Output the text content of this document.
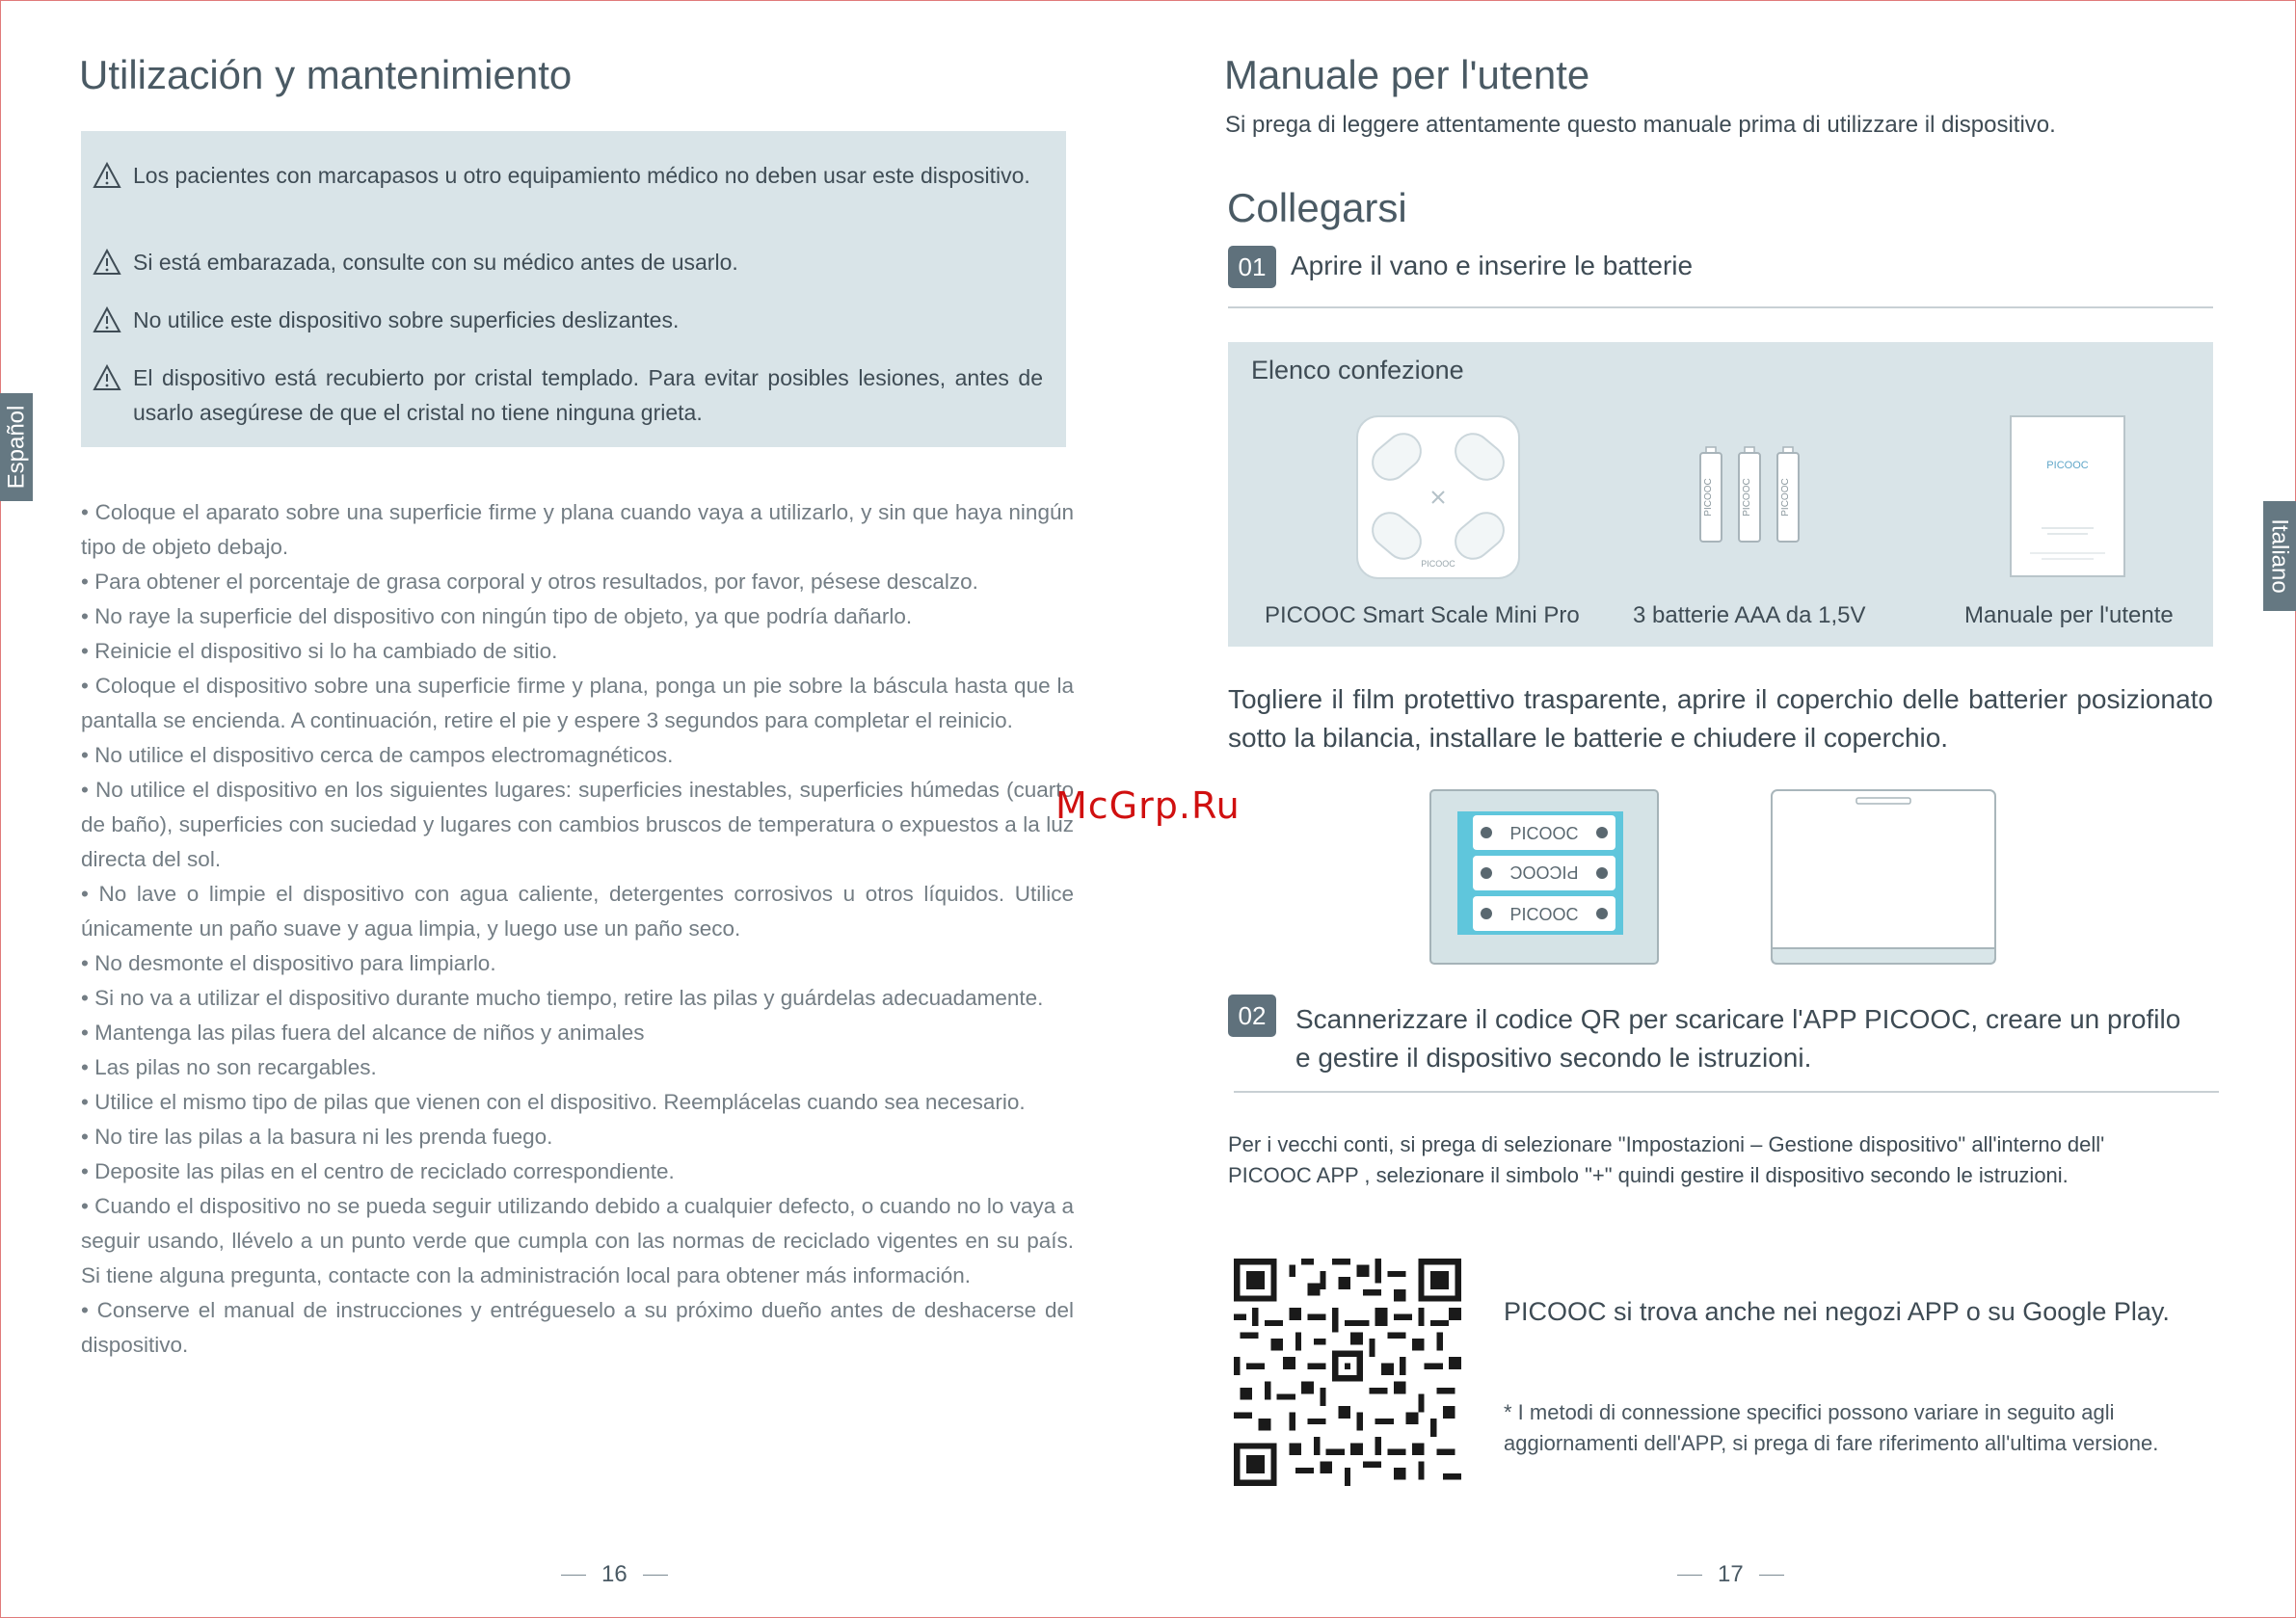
Utilización y mantenimiento
Español
Los pacientes con marcapasos u otro equipamiento médico no deben usar este dispositivo.
Si está embarazada, consulte con su médico antes de usarlo.
No utilice este dispositivo sobre superficies deslizantes.
El dispositivo está recubierto por cristal templado. Para evitar posibles lesiones, antes de usarlo asegúrese de que el cristal no tiene ninguna grieta.
• Coloque el aparato sobre una superficie firme y plana cuando vaya a utilizarlo, y sin que haya ningún tipo de objeto debajo.
• Para obtener el porcentaje de grasa corporal y otros resultados, por favor, pésese descalzo.
• No raye la superficie del dispositivo con ningún tipo de objeto, ya que podría dañarlo.
• Reinicie el dispositivo si lo ha cambiado de sitio.
• Coloque el dispositivo sobre una superficie firme y plana, ponga un pie sobre la báscula hasta que la pantalla se encienda. A continuación, retire el pie y espere 3 segundos para completar el reinicio.
• No utilice el dispositivo cerca de campos electromagnéticos.
• No utilice el dispositivo en los siguientes lugares: superficies inestables, superficies húmedas (cuarto de baño), superficies con suciedad y lugares con cambios bruscos de temperatura o expuestos a la luz directa del sol.
• No lave o limpie el dispositivo con agua caliente, detergentes corrosivos u otros líquidos. Utilice únicamente un paño suave y agua limpia, y luego use un paño seco.
• No desmonte el dispositivo para limpiarlo.
• Si no va a utilizar el dispositivo durante mucho tiempo, retire las pilas y guárdelas adecuadamente.
• Mantenga las pilas fuera del alcance de niños y animales
• Las pilas no son recargables.
• Utilice el mismo tipo de pilas que vienen con el dispositivo. Reemplácelas cuando sea necesario.
• No tire las pilas a la basura ni les prenda fuego.
• Deposite las pilas en el centro de reciclado correspondiente.
• Cuando el dispositivo no se pueda seguir utilizando debido a cualquier defecto, o cuando no lo vaya a seguir usando, llévelo a un punto verde que cumpla con las normas de reciclado vigentes en su país. Si tiene alguna pregunta, contacte con la administración local para obtener más información.
• Conserve el manual de instrucciones y entrégueselo a su próximo dueño antes de deshacerse del dispositivo.
16
McGrp.Ru
Manuale per l'utente
Si prega di leggere attentamente questo manuale prima di utilizzare il dispositivo.
Italiano
Collegarsi
01 Aprire il vano e inserire le batterie
Elenco confezione
PICOOC
PICOOC	PICOOC	PICOOC
PICOOC
PICOOC Smart Scale Mini Pro 3 batterie AAA da 1,5V	Manuale per l'utente
Togliere il film protettivo trasparente, aprire il coperchio delle batterier posizionato sotto la bilancia, installare le batterie e chiudere il coperchio.
PICOOC
PICOOC
PICOOC
02	Scannerizzare il codice QR per scaricare l'APP PICOOC, creare un profilo e gestire il dispositivo secondo le istruzioni.
Per i vecchi conti, si prega di selezionare "Impostazioni – Gestione dispositivo" all'interno dell' PICOOC APP , selezionare il simbolo "+" quindi gestire il dispositivo secondo le istruzioni.
PICOOC si trova anche nei negozi APP o su Google Play.
* I metodi di connessione specifici possono variare in seguito agli aggiornamenti dell'APP, si prega di fare riferimento all'ultima versione.
17
